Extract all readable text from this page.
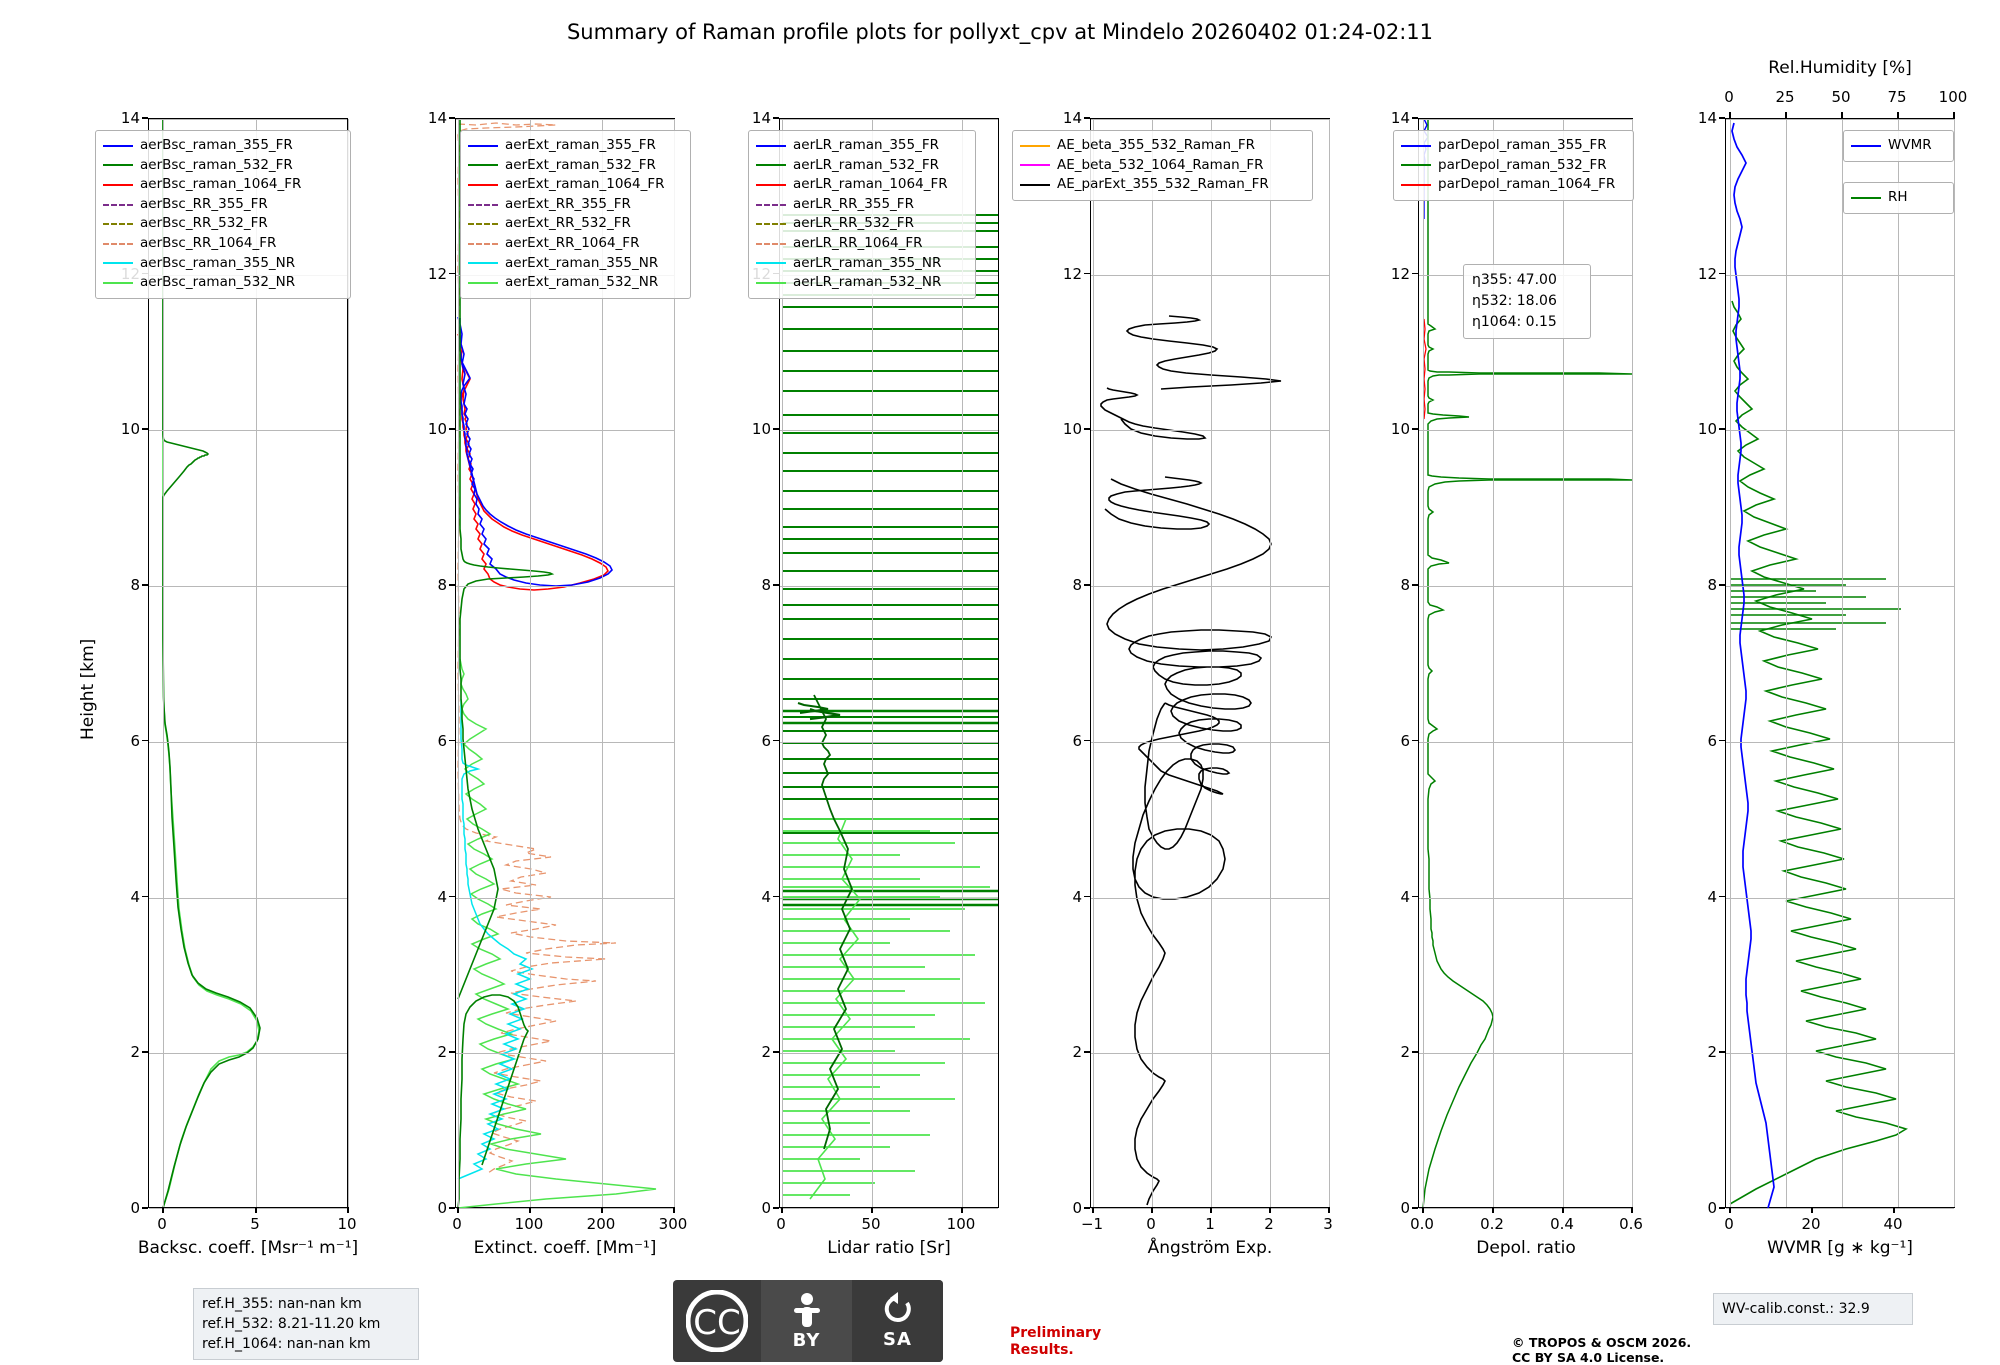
Summary of Raman profile plots for pollyxt_cpv at Mindelo 20260402 01:24-02:11
14
10
8
6
4
2
0
0	5	10
Backsc. coeff. [Msr⁻¹ m⁻¹]
Height [km]
aerBsc_raman_355_FR
aerBsc_raman_532_FR
aerBsc_raman_1064_FR
aerBsc_RR_355_FR
aerBsc_RR_532_FR
aerBsc_RR_1064_FR
aerBsc_raman_355_NR
aerBsc_raman_532_NR
14
12
10
8
6
4
2
0
0	100	200	300
Extinct. coeff. [Mm⁻¹]
aerExt_raman_355_FR
aerExt_raman_532_FR
aerExt_raman_1064_FR
aerExt_RR_355_FR
aerExt_RR_532_FR
aerExt_RR_1064_FR
aerExt_raman_355_NR
aerExt_raman_532_NR
14
10
8
6
4
2
0
0	50	100
Lidar ratio [Sr]
aerLR_raman_355_FR
aerLR_raman_532_FR
aerLR_raman_1064_FR
aerLR_RR_355_FR
aerLR_RR_532_FR
aerLR_RR_1064_FR
aerLR_raman_355_NR
aerLR_raman_532_NR
14
12
10
8
6
4
2
0
−1	0	1	2	3
Ångström Exp.
AE_beta_355_532_Raman_FR
AE_beta_532_1064_Raman_FR
AE_parExt_355_532_Raman_FR
14
12
10
8
6
4
2
0
0.0	0.2	0.4	0.6
Depol. ratio
parDepol_raman_355_FR
parDepol_raman_532_FR
parDepol_raman_1064_FR
η355: 47.00
η532: 18.06
η1064: 0.15
0	25	50	75	100
Rel.Humidity [%]
14
12
10
8
6
4
2
0
0	20	40
WVMR [g ∗ kg⁻¹]
WVMR
RH
ref.H_355: nan-nan km
ref.H_532: 8.21-11.20 km
ref.H_1064: nan-nan km
CC	BY	SA	Preliminary
Results.	© TROPOS & OSCM 2026.
CC BY SA 4.0 License.
WV-calib.const.: 32.9
